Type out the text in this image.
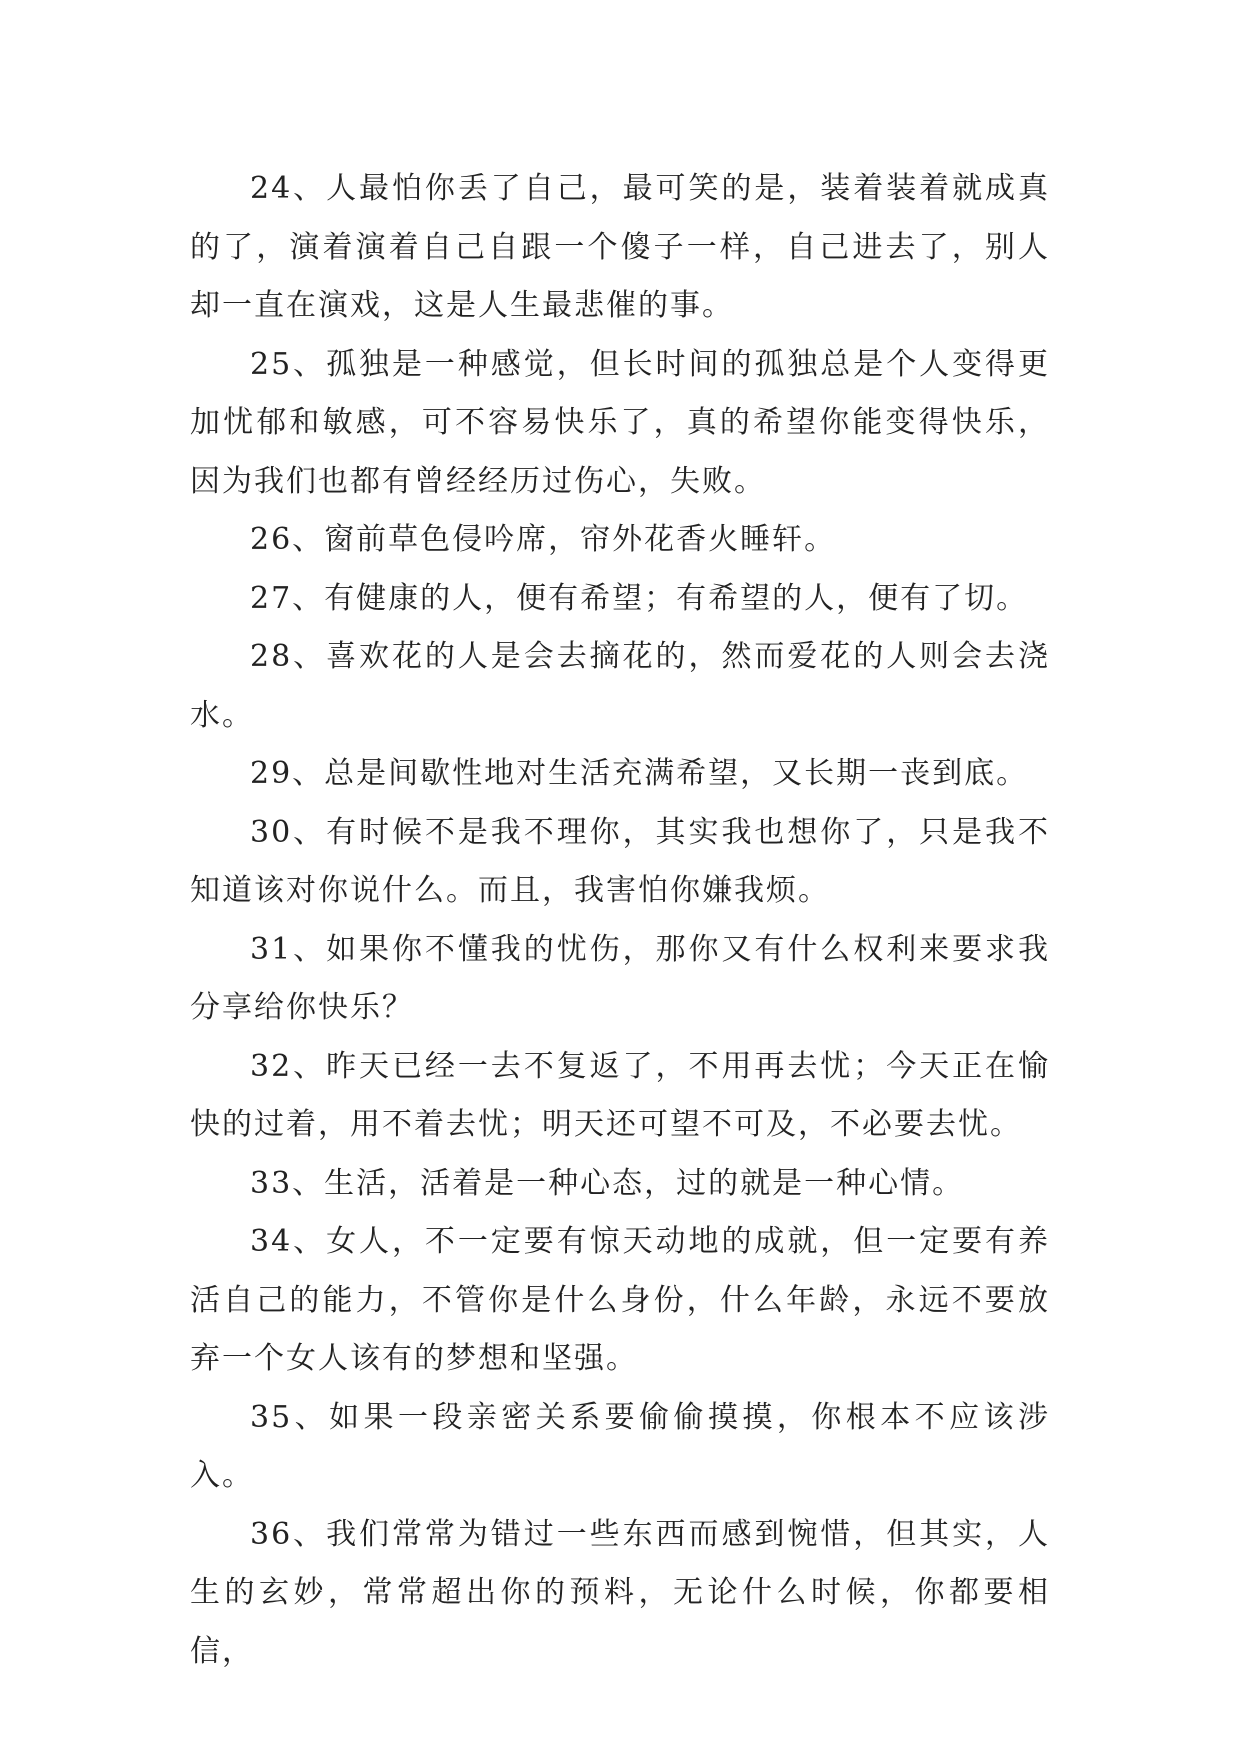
24、人最怕你丢了自己，最可笑的是，装着装着就成真的了，演着演着自己自跟一个傻子一样，自己进去了，别人却一直在演戏，这是人生最悲催的事。

25、孤独是一种感觉，但长时间的孤独总是个人变得更加忧郁和敏感，可不容易快乐了，真的希望你能变得快乐，因为我们也都有曾经经历过伤心，失败。

26、窗前草色侵吟席，帘外花香火睡轩。

27、有健康的人，便有希望；有希望的人，便有了切。

28、喜欢花的人是会去摘花的，然而爱花的人则会去浇水。

29、总是间歇性地对生活充满希望，又长期一丧到底。

30、有时候不是我不理你，其实我也想你了，只是我不知道该对你说什么。而且，我害怕你嫌我烦。

31、如果你不懂我的忧伤，那你又有什么权利来要求我分享给你快乐？

32、昨天已经一去不复返了，不用再去忧；今天正在愉快的过着，用不着去忧；明天还可望不可及，不必要去忧。

33、生活，活着是一种心态，过的就是一种心情。

34、女人，不一定要有惊天动地的成就，但一定要有养活自己的能力，不管你是什么身份，什么年龄，永远不要放弃一个女人该有的梦想和坚强。

35、如果一段亲密关系要偷偷摸摸，你根本不应该涉入。

36、我们常常为错过一些东西而感到惋惜，但其实，人生的玄妙，常常超出你的预料，无论什么时候，你都要相信，
